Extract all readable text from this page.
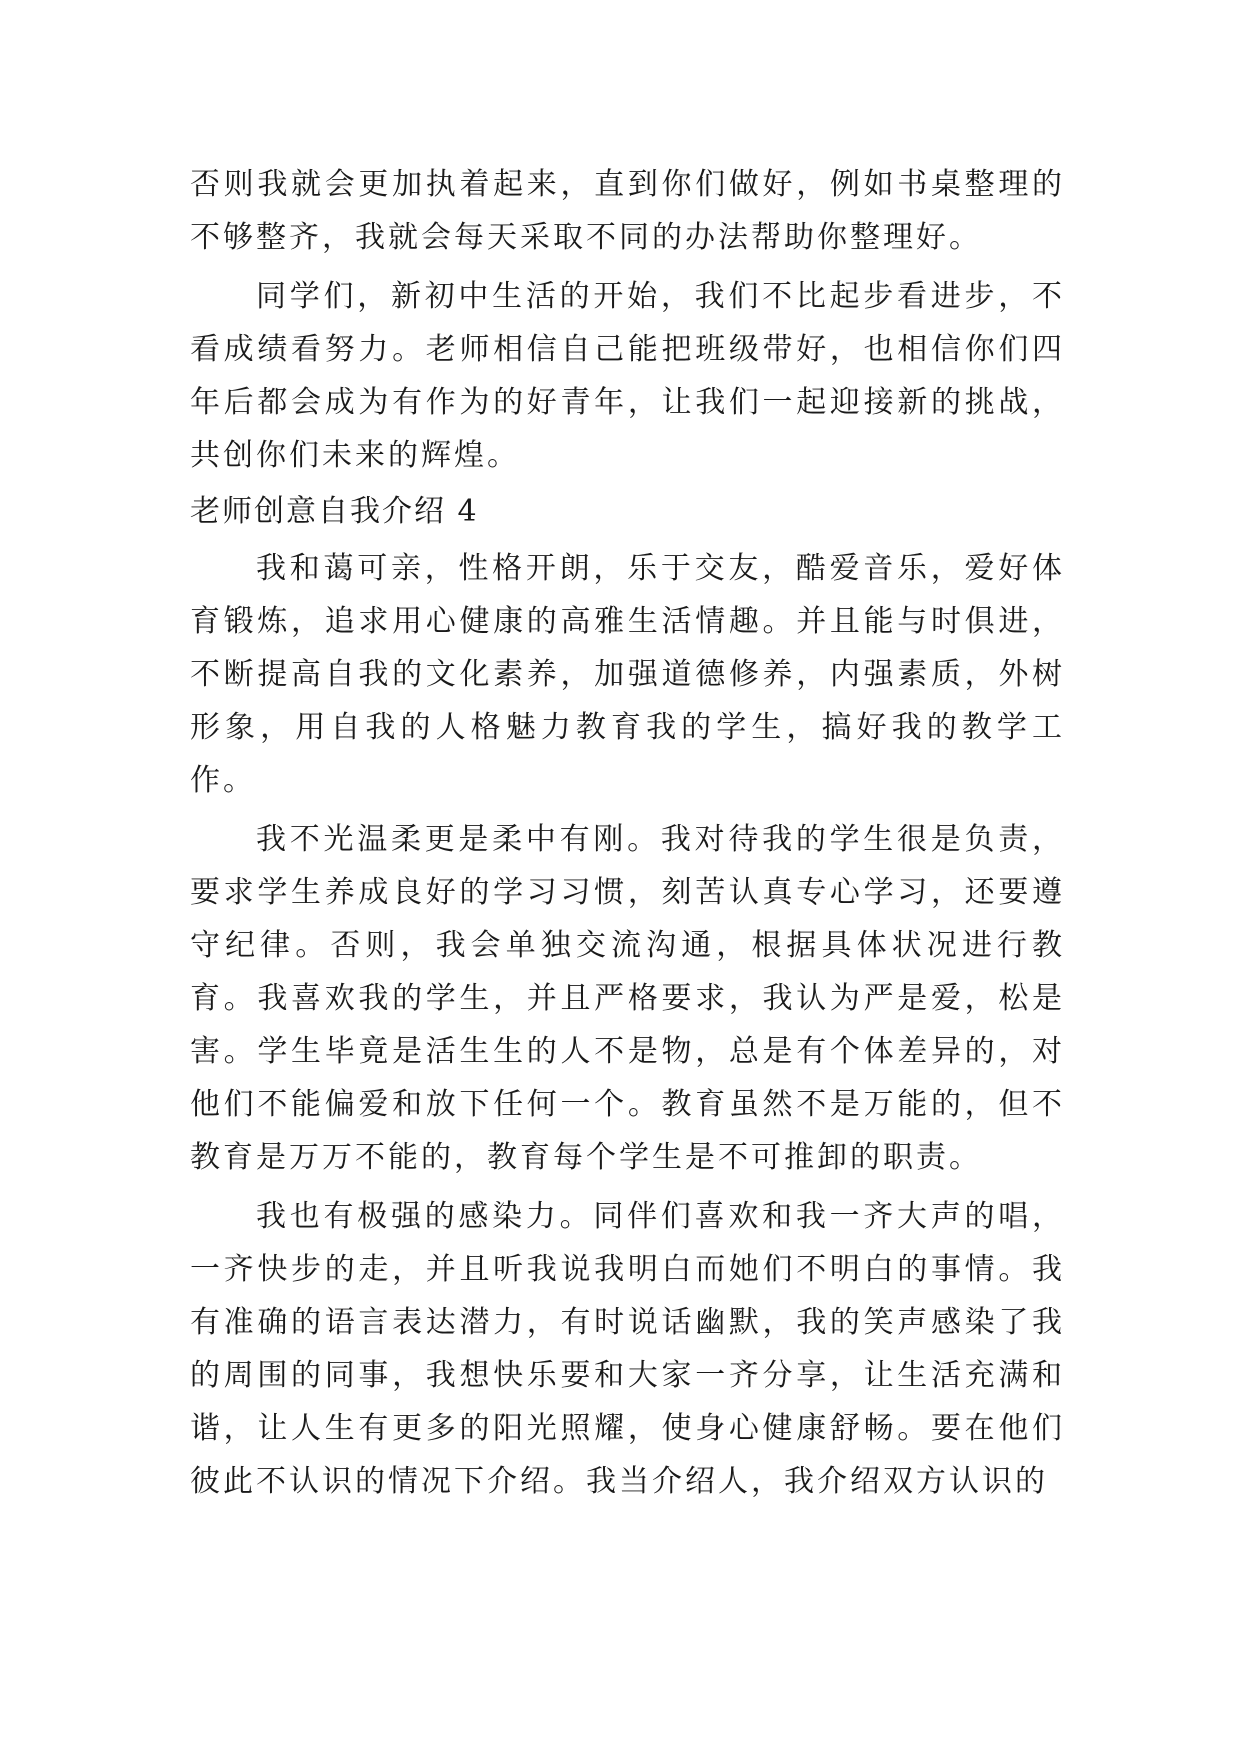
否则我就会更加执着起来，直到你们做好，例如书桌整理的不够整齐，我就会每天采取不同的办法帮助你整理好。

同学们，新初中生活的开始，我们不比起步看进步，不看成绩看努力。老师相信自己能把班级带好，也相信你们四年后都会成为有作为的好青年，让我们一起迎接新的挑战，共创你们未来的辉煌。

老师创意自我介绍 4

我和蔼可亲，性格开朗，乐于交友，酷爱音乐，爱好体育锻炼，追求用心健康的高雅生活情趣。并且能与时俱进，不断提高自我的文化素养，加强道德修养，内强素质，外树形象，用自我的人格魅力教育我的学生，搞好我的教学工作。

我不光温柔更是柔中有刚。我对待我的学生很是负责，要求学生养成良好的学习习惯，刻苦认真专心学习，还要遵守纪律。否则，我会单独交流沟通，根据具体状况进行教育。我喜欢我的学生，并且严格要求，我认为严是爱，松是害。学生毕竟是活生生的人不是物，总是有个体差异的，对他们不能偏爱和放下任何一个。教育虽然不是万能的，但不教育是万万不能的，教育每个学生是不可推卸的职责。

我也有极强的感染力。同伴们喜欢和我一齐大声的唱，一齐快步的走，并且听我说我明白而她们不明白的事情。我有准确的语言表达潜力，有时说话幽默，我的笑声感染了我的周围的同事，我想快乐要和大家一齐分享，让生活充满和谐，让人生有更多的阳光照耀，使身心健康舒畅。要在他们彼此不认识的情况下介绍。我当介绍人，我介绍双方认识的
